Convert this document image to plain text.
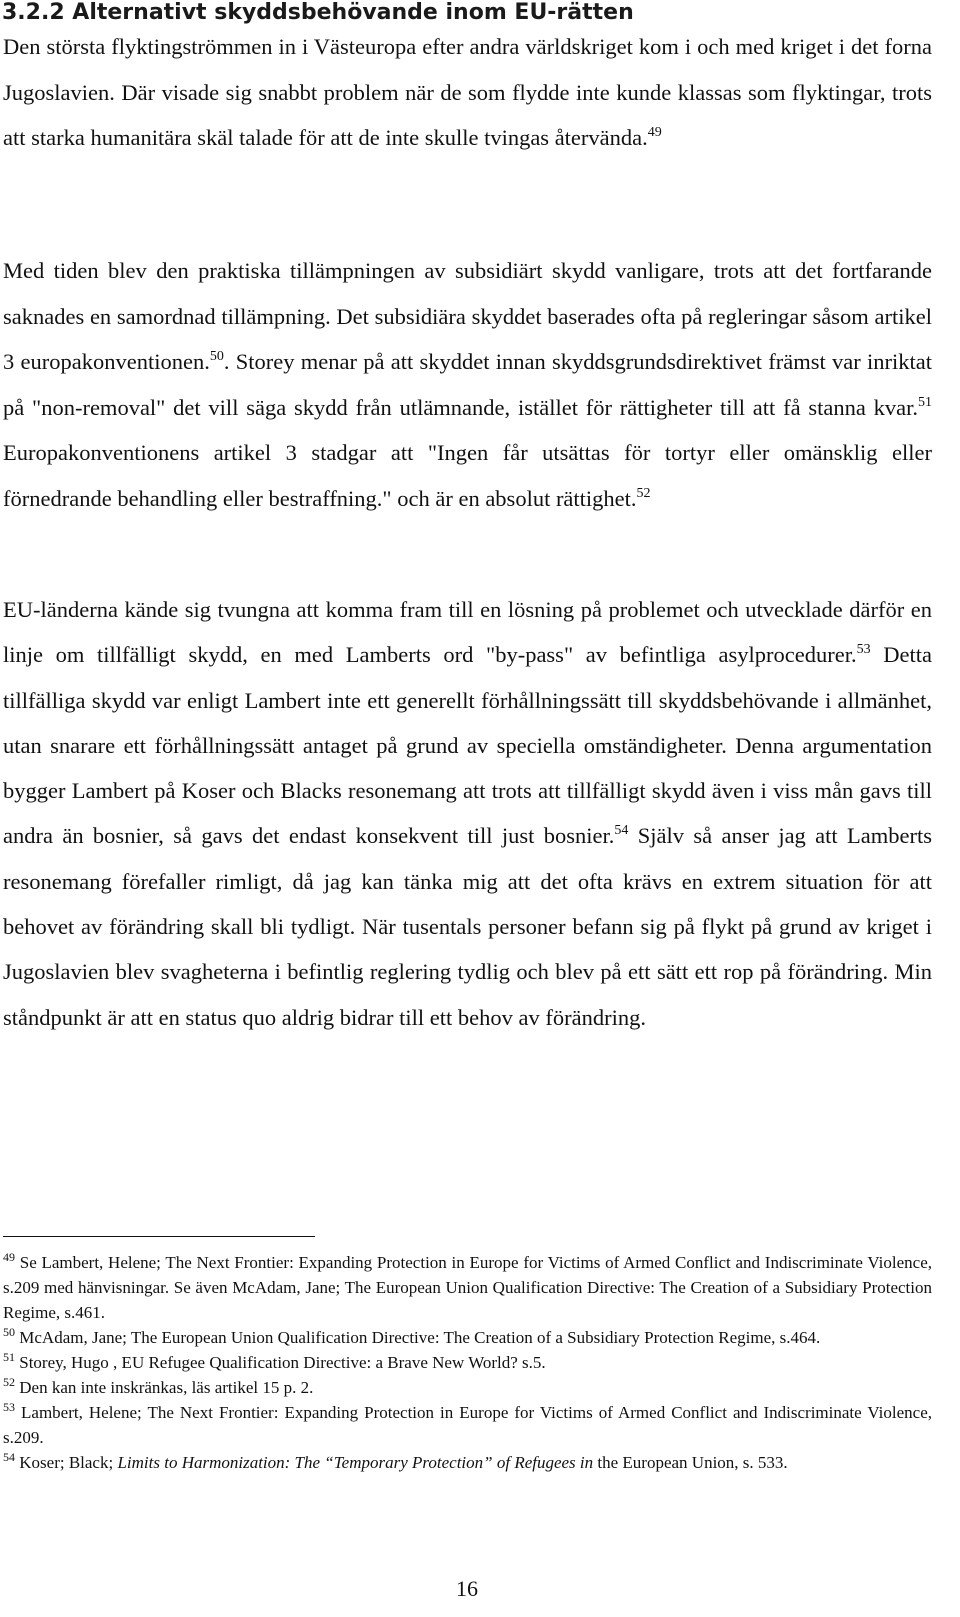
3.2.2 Alternativt skyddsbehövande inom EU-rätten

Den största flyktingströmmen in i Västeuropa efter andra världskriget kom i och med kriget i det forna Jugoslavien. Där visade sig snabbt problem när de som flydde inte kunde klassas som flyktingar, trots att starka humanitära skäl talade för att de inte skulle tvingas återvända.$^{49}$

Med tiden blev den praktiska tillämpningen av subsidiärt skydd vanligare, trots att det fortfarande saknades en samordnad tillämpning. Det subsidiära skyddet baserades ofta på regleringar såsom artikel 3 europakonventionen.$^{50}$. Storey menar på att skyddet innan skyddsgrundsdirektivet främst var inriktat på "non-removal" det vill säga skydd från utlämnande, istället för rättigheter till att få stanna kvar.$^{51}$ Europakonventionens artikel 3 stadgar att "Ingen får utsättas för tortyr eller omänsklig eller förnedrande behandling eller bestraffning." och är en absolut rättighet.$^{52}$

EU-länderna kände sig tvungna att komma fram till en lösning på problemet och utvecklade därför en linje om tillfälligt skydd, en med Lamberts ord "by-pass" av befintliga asylprocedurer.$^{53}$ Detta tillfälliga skydd var enligt Lambert inte ett generellt förhållningssätt till skyddsbehövande i allmänhet, utan snarare ett förhållningssätt antaget på grund av speciella omständigheter. Denna argumentation bygger Lambert på Koser och Blacks resonemang att trots att tillfälligt skydd även i viss mån gavs till andra än bosnier, så gavs det endast konsekvent till just bosnier.$^{54}$ Själv så anser jag att Lamberts resonemang förefaller rimligt, då jag kan tänka mig att det ofta krävs en extrem situation för att behovet av förändring skall bli tydligt. När tusentals personer befann sig på flykt på grund av kriget i Jugoslavien blev svagheterna i befintlig reglering tydlig och blev på ett sätt ett rop på förändring. Min ståndpunkt är att en status quo aldrig bidrar till ett behov av förändring.

$^{49}$ Se Lambert, Helene; The Next Frontier: Expanding Protection in Europe for Victims of Armed Conflict and Indiscriminate Violence, s.209 med hänvisningar. Se även McAdam, Jane; The European Union Qualification Directive: The Creation of a Subsidiary Protection Regime, s.461.

$^{50}$ McAdam, Jane; The European Union Qualification Directive: The Creation of a Subsidiary Protection Regime, s.464.

$^{51}$ Storey, Hugo , EU Refugee Qualification Directive: a Brave New World? s.5.

$^{52}$ Den kan inte inskränkas, läs artikel 15 p. 2.

$^{53}$ Lambert, Helene; The Next Frontier: Expanding Protection in Europe for Victims of Armed Conflict and Indiscriminate Violence, s.209.

$^{54}$ Koser; Black; Limits to Harmonization: The “Temporary Protection” of Refugees in the European Union, s. 533.

16
